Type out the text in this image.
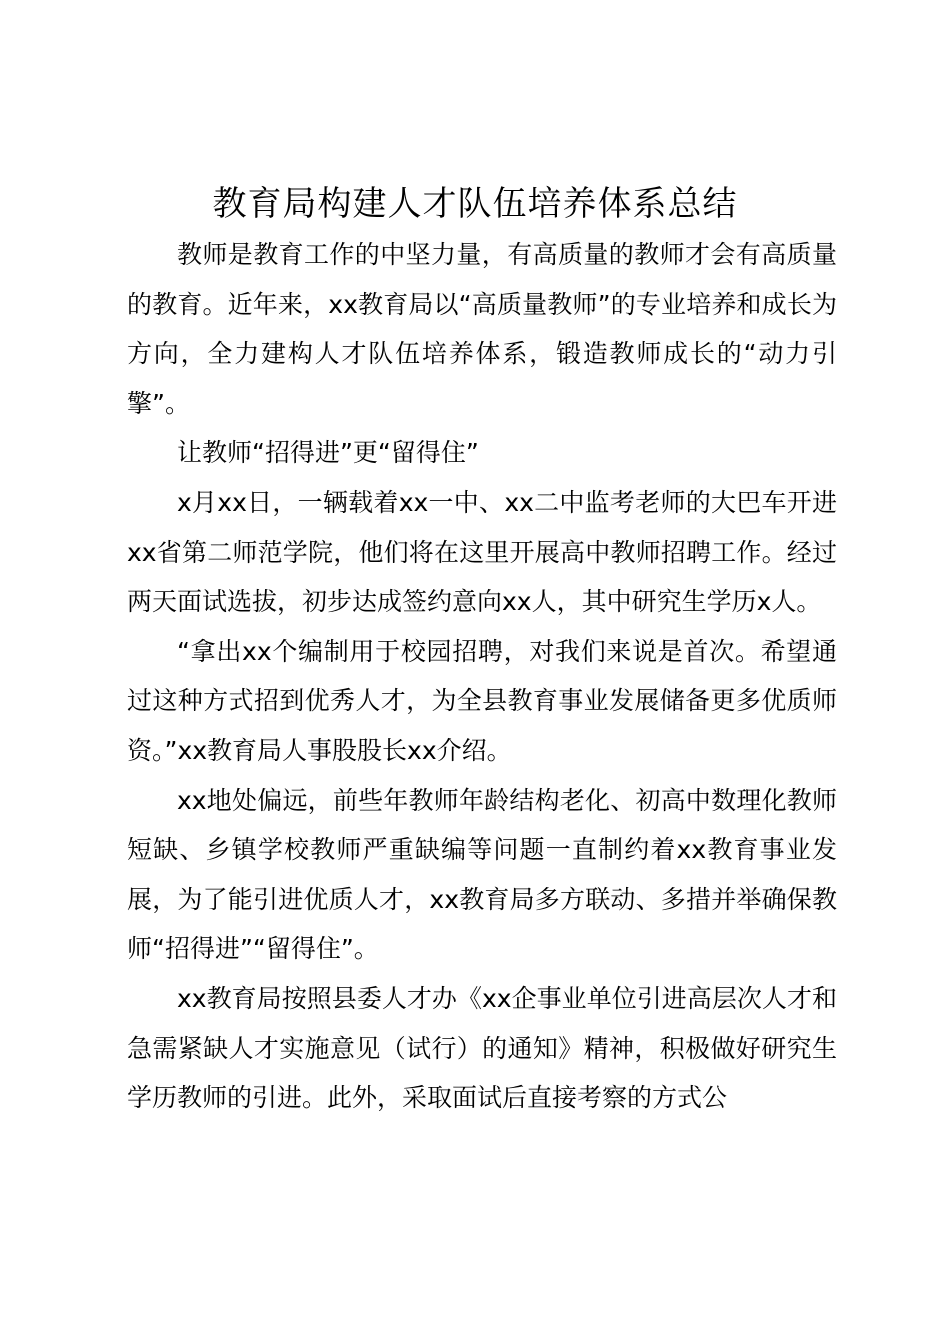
教育局构建人才队伍培养体系总结

教师是教育工作的中坚力量，有高质量的教师才会有高质量的教育。近年来，xx教育局以“高质量教师”的专业培养和成长为方向，全力建构人才队伍培养体系，锻造教师成长的“动力引擎”。

让教师“招得进”更“留得住”

x月xx日，一辆载着xx一中、xx二中监考老师的大巴车开进xx省第二师范学院，他们将在这里开展高中教师招聘工作。经过两天面试选拔，初步达成签约意向xx人，其中研究生学历x人。

“拿出xx个编制用于校园招聘，对我们来说是首次。希望通过这种方式招到优秀人才，为全县教育事业发展储备更多优质师资。”xx教育局人事股股长xx介绍。

xx地处偏远，前些年教师年龄结构老化、初高中数理化教师短缺、乡镇学校教师严重缺编等问题一直制约着xx教育事业发展，为了能引进优质人才，xx教育局多方联动、多措并举确保教师“招得进”“留得住”。

xx教育局按照县委人才办《xx企事业单位引进高层次人才和急需紧缺人才实施意见（试行）的通知》精神，积极做好研究生学历教师的引进。此外，采取面试后直接考察的方式公
